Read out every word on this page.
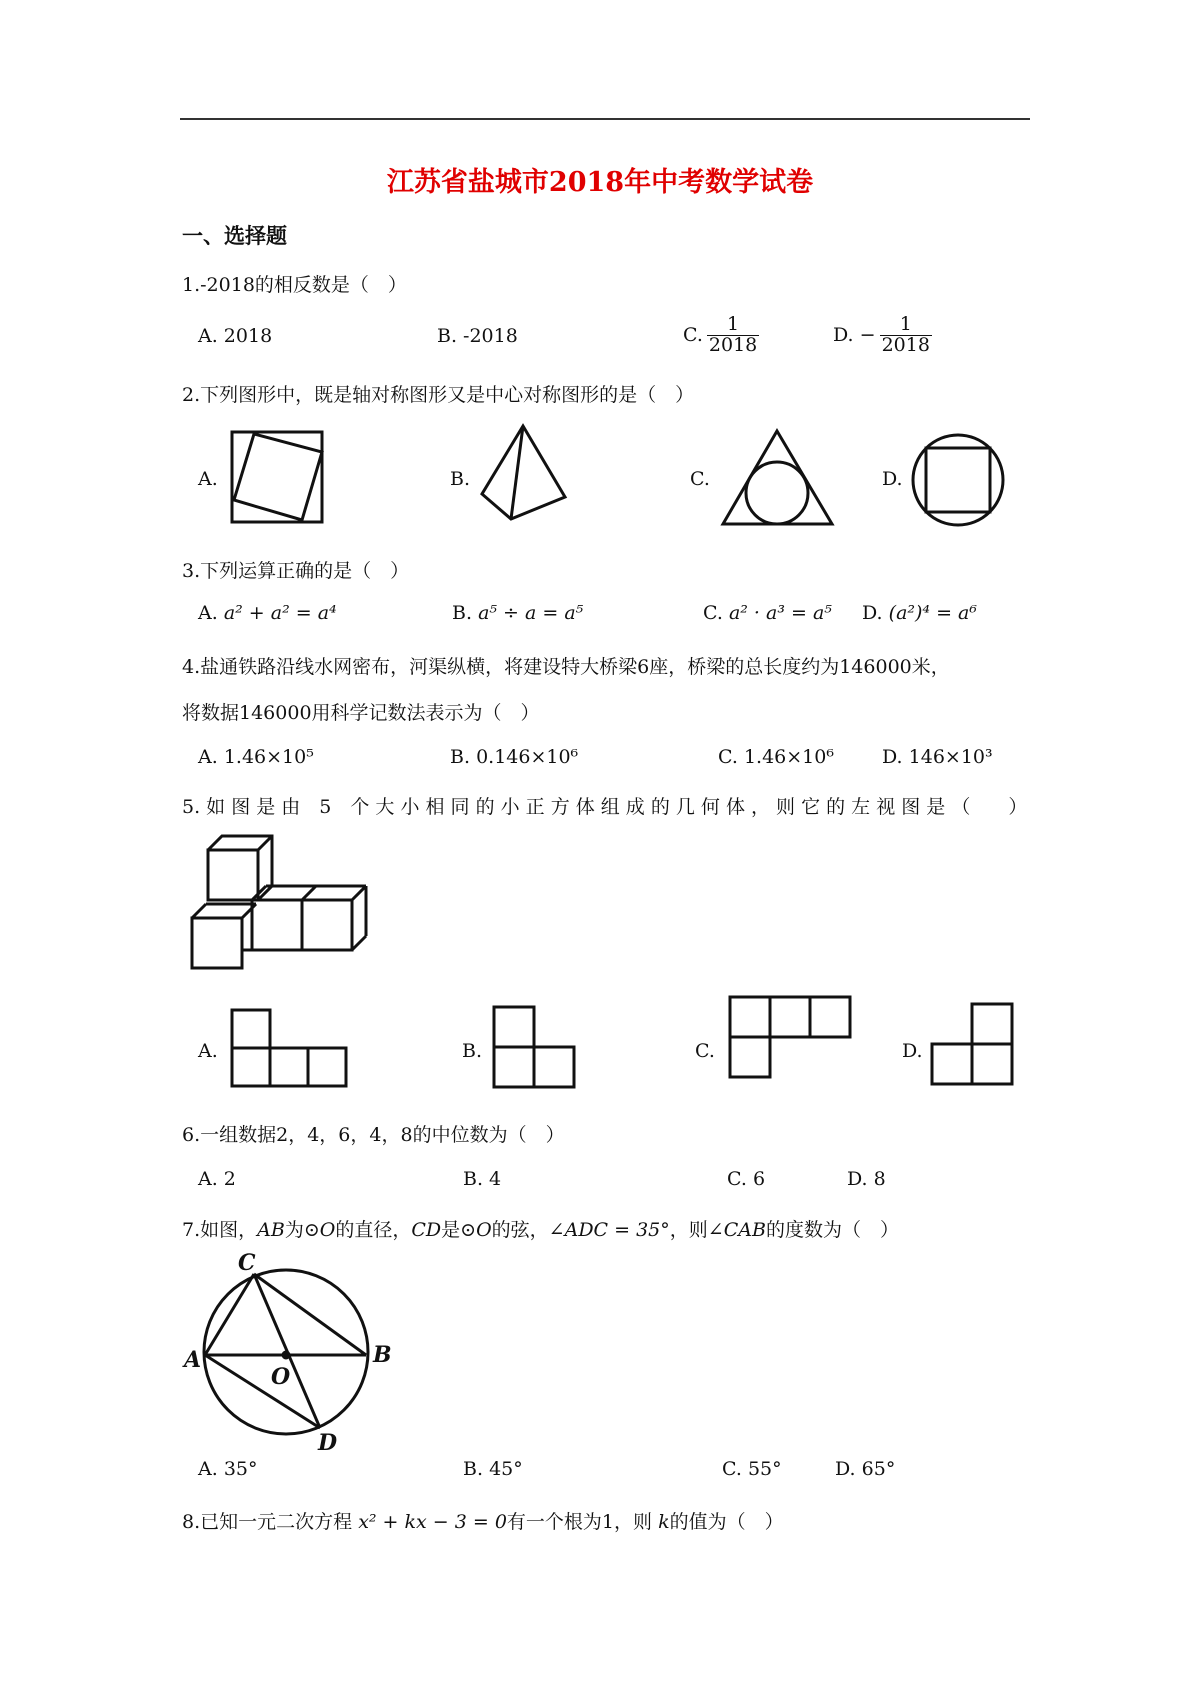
江苏省盐城市2018年中考数学试卷
一、选择题
1.-2018的相反数是（　）
A. 2018	B. -2018	C. $\frac{1}{2018}$	D. − $\frac{1}{2018}$
2.下列图形中，既是轴对称图形又是中心对称图形的是（　）
A.	B.	C.	D.
3.下列运算正确的是（　）
A.
a² + a² = a⁴	B.
a⁵ ÷ a = a⁵	C.
a² · a³ = a⁵ D.
(a²)⁴ = a⁶
4.盐通铁路沿线水网密布，河渠纵横，将建设特大桥梁6座，桥梁的总长度约为146000米，
将数据146000用科学记数法表示为（　）
A.
1.46×10⁵	B.
0.146×10⁶	C.
1.46×10⁶	D.
146×10³
5. 如 图 是 由　5　个 大 小 相 同 的 小 正 方 体 组 成 的 几 何 体 ， 则 它 的 左 视 图 是 （　　）
A.	B.	C.	D.
6.一组数据2，4，6，4，8的中位数为（　）
A. 2	B. 4	C. 6	D. 8
7.如图，AB为⊙O的直径，CD是⊙O的弦，∠ADC = 35°，则∠CAB的度数为（　）
C
A	B
O
D
A.
35°	B.
45°	C.
55°	D.
65°
8.已知一元二次方程 x² + kx − 3 = 0有一个根为1，则 k的值为（　）
